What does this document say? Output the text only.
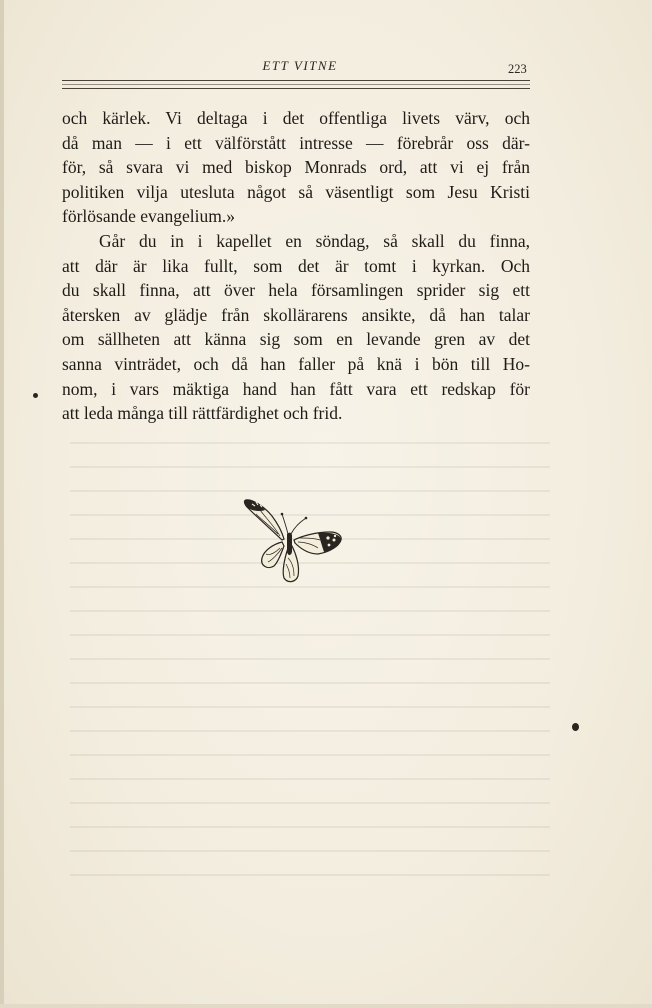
ETT VITNE	223
och kärlek. Vi deltaga i det offentliga livets värv, och
då man — i ett välförstått intresse — förebrår oss där-
för, så svara vi med biskop Monrads ord, att vi ej från
politiken vilja utesluta något så väsentligt som Jesu Kristi
förlösande evangelium.»
Går du in i kapellet en söndag, så skall du finna,
att där är lika fullt, som det är tomt i kyrkan. Och
du skall finna, att över hela församlingen sprider sig ett
återsken av glädje från skollärarens ansikte, då han talar
om sällheten att känna sig som en levande gren av det
sanna vinträdet, och då han faller på knä i bön till Ho-
nom, i vars mäktiga hand han fått vara ett redskap för
att leda många till rättfärdighet och frid.
